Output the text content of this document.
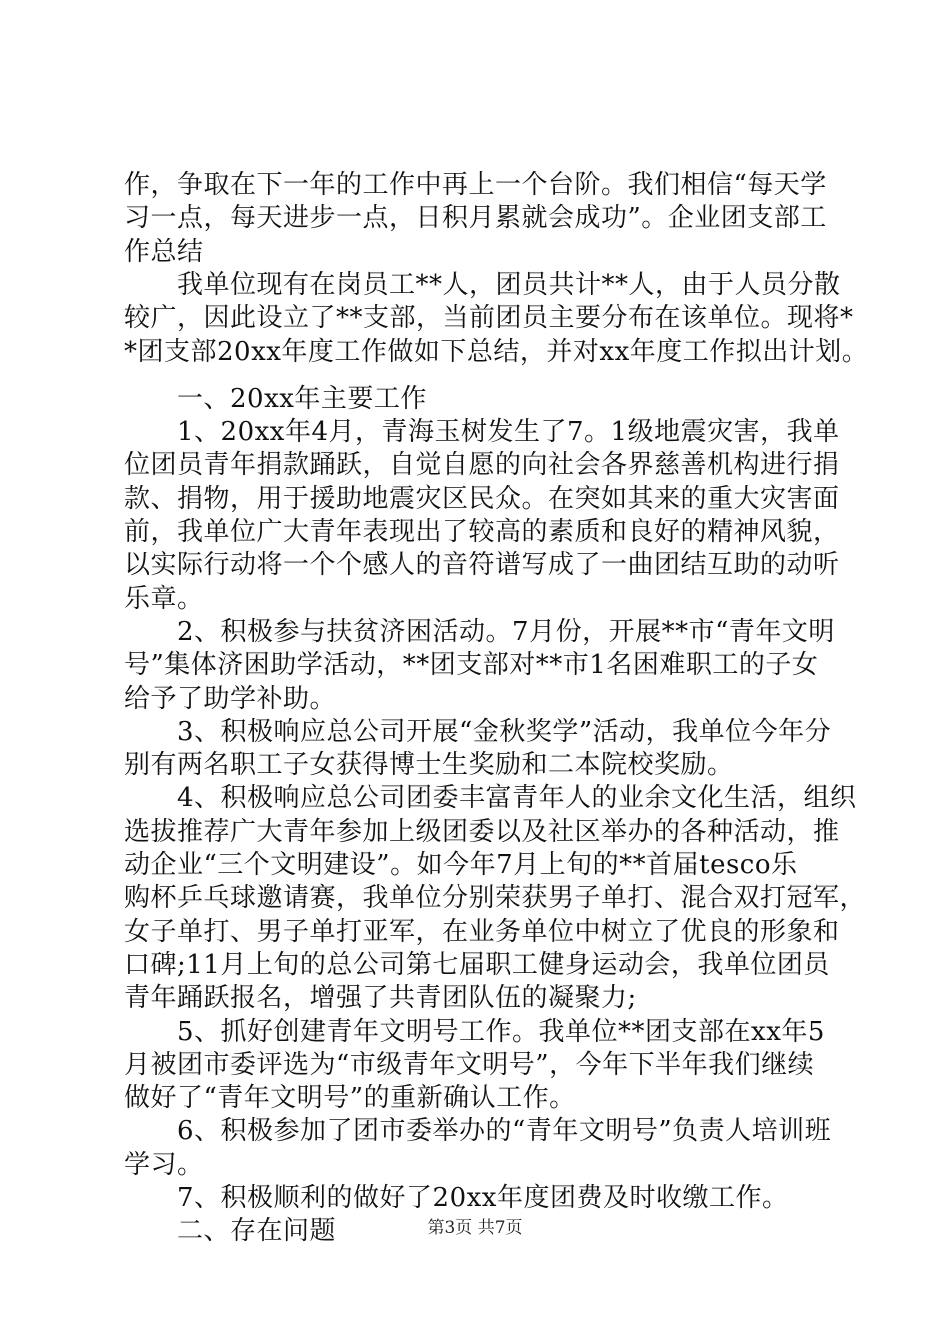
作，争取在下一年的工作中再上一个台阶。我们相信“每天学
习一点，每天进步一点，日积月累就会成功”。企业团支部工
作总结
　　我单位现有在岗员工**人，团员共计**人，由于人员分散
较广，因此设立了**支部，当前团员主要分布在该单位。现将*
*团支部20xx年度工作做如下总结，并对xx年度工作拟出计划。
　　一、20xx年主要工作
　　1、20xx年4月，青海玉树发生了7。1级地震灾害，我单
位团员青年捐款踊跃，自觉自愿的向社会各界慈善机构进行捐
款、捐物，用于援助地震灾区民众。在突如其来的重大灾害面
前，我单位广大青年表现出了较高的素质和良好的精神风貌，
以实际行动将一个个感人的音符谱写成了一曲团结互助的动听
乐章。
　　2、积极参与扶贫济困活动。7月份，开展**市“青年文明
号”集体济困助学活动，**团支部对**市1名困难职工的子女
给予了助学补助。
　　3、积极响应总公司开展“金秋奖学”活动，我单位今年分
别有两名职工子女获得博士生奖励和二本院校奖励。
　　4、积极响应总公司团委丰富青年人的业余文化生活，组织
选拔推荐广大青年参加上级团委以及社区举办的各种活动，推
动企业“三个文明建设”。如今年7月上旬的**首届tesco乐
购杯乒乓球邀请赛，我单位分别荣获男子单打、混合双打冠军，
女子单打、男子单打亚军，在业务单位中树立了优良的形象和
口碑;11月上旬的总公司第七届职工健身运动会，我单位团员
青年踊跃报名，增强了共青团队伍的凝聚力;
　　5、抓好创建青年文明号工作。我单位**团支部在xx年5
月被团市委评选为“市级青年文明号”，今年下半年我们继续
做好了“青年文明号”的重新确认工作。
　　6、积极参加了团市委举办的“青年文明号”负责人培训班
学习。
　　7、积极顺利的做好了20xx年度团费及时收缴工作。
　　二、存在问题	第3页 共7页
